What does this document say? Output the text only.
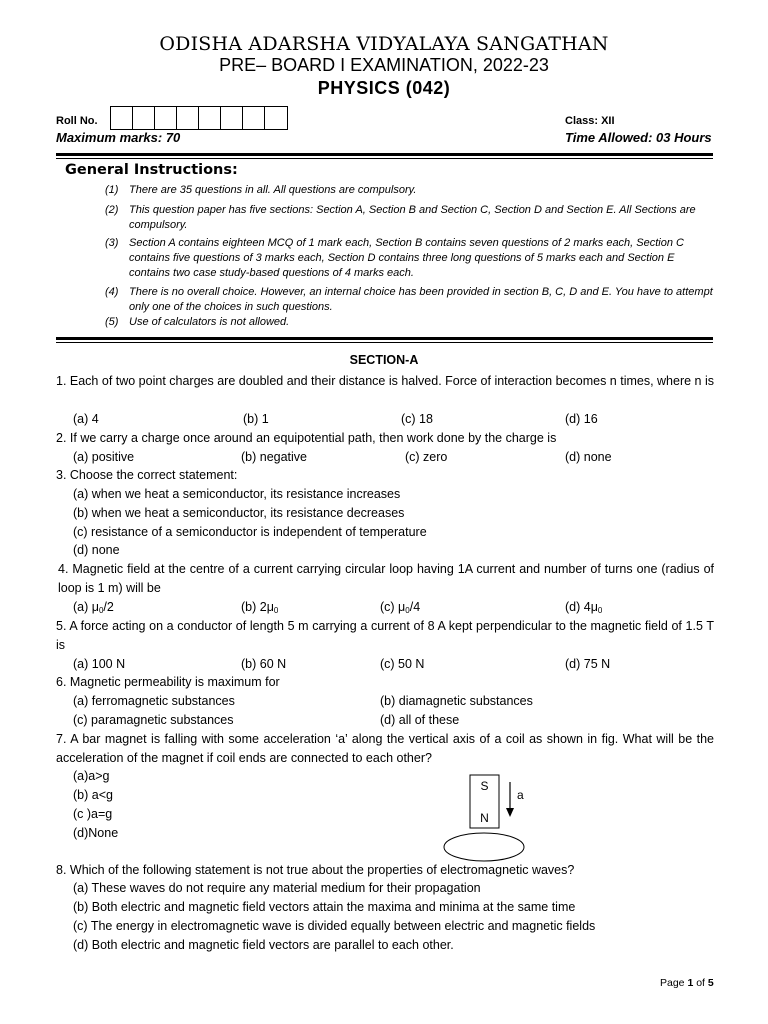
ODISHA ADARSHA VIDYALAYA SANGATHAN
PRE– BOARD I EXAMINATION, 2022-23
PHYSICS (042)
Roll No.	Class: XII
Maximum marks: 70	Time Allowed: 03 Hours
General Instructions:
(1) There are 35 questions in all. All questions are compulsory.
(2) This question paper has five sections: Section A, Section B and Section C, Section D and Section E. All Sections are compulsory.
(3) Section A contains eighteen MCQ of 1 mark each, Section B contains seven questions of 2 marks each, Section C contains five questions of 3 marks each, Section D contains three long questions of 5 marks each and Section E contains two case study-based questions of 4 marks each.
(4) There is no overall choice. However, an internal choice has been provided in section B, C, D and E. You have to attempt only one of the choices in such questions.
(5) Use of calculators is not allowed.
SECTION-A
1. Each of two point charges are doubled and their distance is halved. Force of interaction becomes n times, where n is
(a) 4	(b) 1	(c) 18	(d) 16
2. If we carry a charge once around an equipotential path, then work done by the charge is
(a) positive	(b) negative	(c) zero	(d) none
3. Choose the correct statement:
(a) when we heat a semiconductor, its resistance increases
(b) when we heat a semiconductor, its resistance decreases
(c) resistance of a semiconductor is independent of temperature
(d) none
4. Magnetic field at the centre of a current carrying circular loop having 1A current and number of turns one (radius of loop is 1 m) will be
(a) $\mu_0/2$	(b) $2\mu_0$	(c) $\mu_0/4$	(d) $4\mu_0$
5. A force acting on a conductor of length 5 m carrying a current of 8 A kept perpendicular to the magnetic field of 1.5 T is
(a) 100 N	(b) 60 N	(c) 50 N	(d) 75 N
6. Magnetic permeability is maximum for
(a) ferromagnetic substances	(b) diamagnetic substances
(c) paramagnetic substances	(d) all of these
7. A bar magnet is falling with some acceleration ‘a’ along the vertical axis of a coil as shown in fig. What will be the acceleration of the magnet if coil ends are connected to each other?
(a)a>g
(b) a<g
(c )a=g
(d)None
S
N
a
8. Which of the following statement is not true about the properties of electromagnetic waves?
(a) These waves do not require any material medium for their propagation
(b) Both electric and magnetic field vectors attain the maxima and minima at the same time
(c) The energy in electromagnetic wave is divided equally between electric and magnetic fields
(d) Both electric and magnetic field vectors are parallel to each other.
Page 1 of 5
